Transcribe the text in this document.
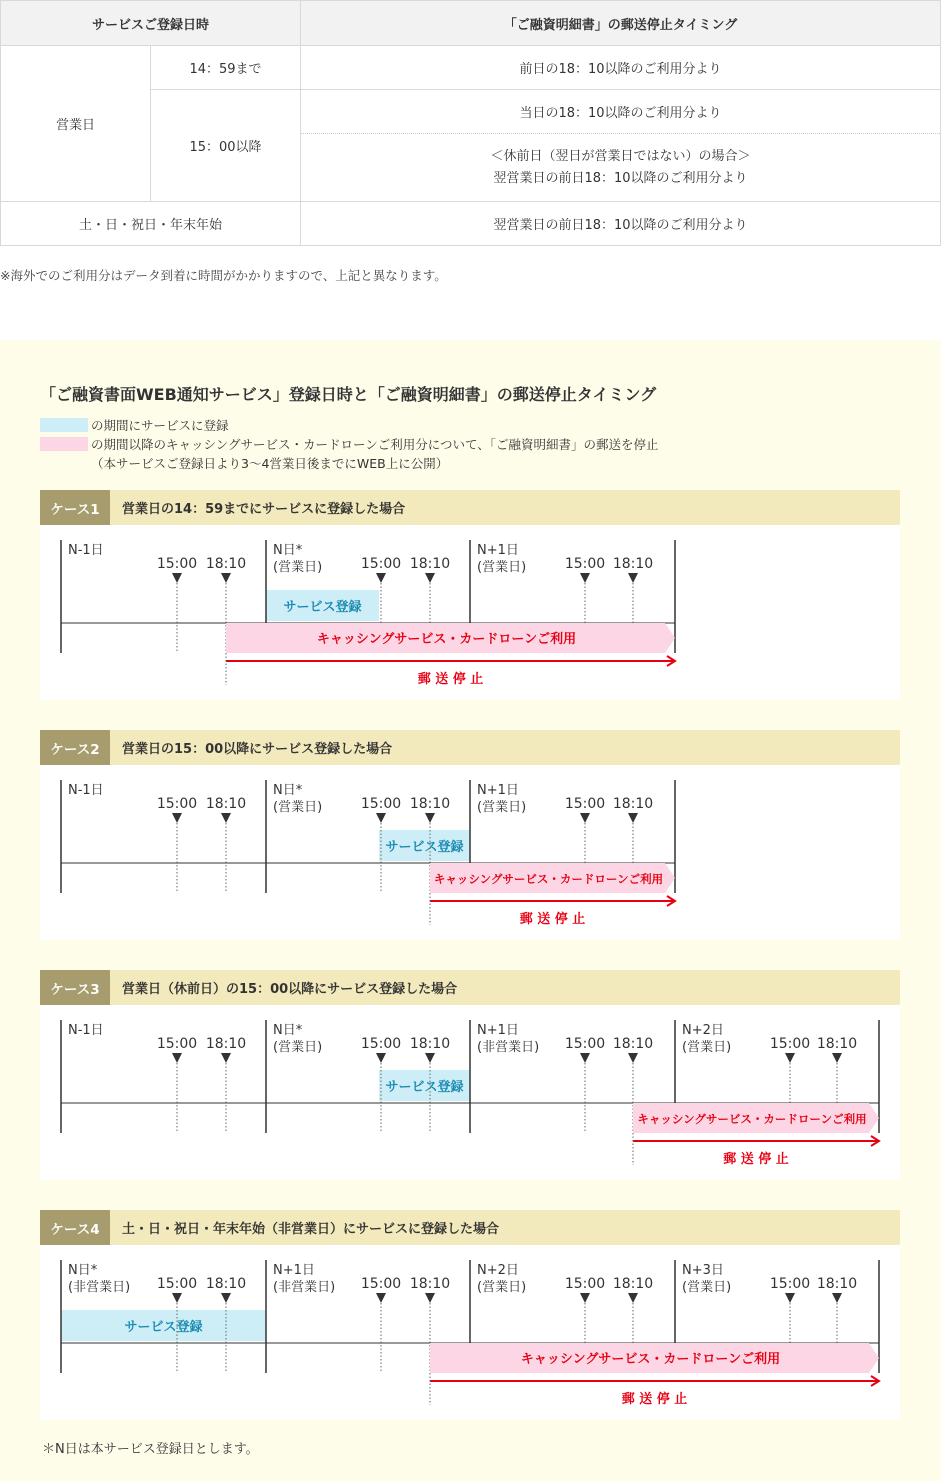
サービスご登録日時		「ご融資明細書」の郵送停止タイミング
営業日	14：59まで	前日の18：10以降のご利用分より
	15：00以降	当日の18：10以降のご利用分より

		＜休前日（翌日が営業日ではない）の場合＞
翌営業日の前日18：10以降のご利用分より

土・日・祝日・年末年始		翌営業日の前日18：10以降のご利用分より
※海外でのご利用分はデータ到着に時間がかかりますので、上記と異なります。
「ご融資書面WEB通知サービス」登録日時と「ご融資明細書」の郵送停止タイミング
の期間にサービスに登録
の期間以降のキャッシングサービス・カードローンご利用分について、「ご融資明細書」の郵送を停止
（本サービスご登録日より3〜4営業日後までにWEB上に公開）
ケース1	営業日の14：59までにサービスに登録した場合
サービス登録
N-1日
15:00 18:10
N日*
(営業日)	15:00 18:10
N+1日
(営業日)	15:00 18:10
キャッシングサービス・カードローンご利用
郵 送 停 止
ケース2	営業日の15：00以降にサービス登録した場合
サービス登録
N-1日
15:00 18:10
N日*
(営業日)	15:00 18:10
N+1日
(営業日)	15:00 18:10
キャッシングサービス・カードローンご利用
郵 送 停 止
ケース3	営業日（休前日）の15：00以降にサービス登録した場合
サービス登録
N-1日
15:00 18:10
N日*
(営業日)	15:00 18:10
N+1日
(非営業日) 15:00 18:10
N+2日
(営業日)	15:00 18:10
キャッシングサービス・カードローンご利用
郵 送 停 止
ケース4	土・日・祝日・年末年始（非営業日）にサービスに登録した場合
サービス登録
N日*
(非営業日) 15:00 18:10
N+1日
(非営業日) 15:00 18:10
N+2日
(営業日)	15:00 18:10
N+3日
(営業日)	15:00 18:10
キャッシングサービス・カードローンご利用
郵 送 停 止
＊N日は本サービス登録日とします。
